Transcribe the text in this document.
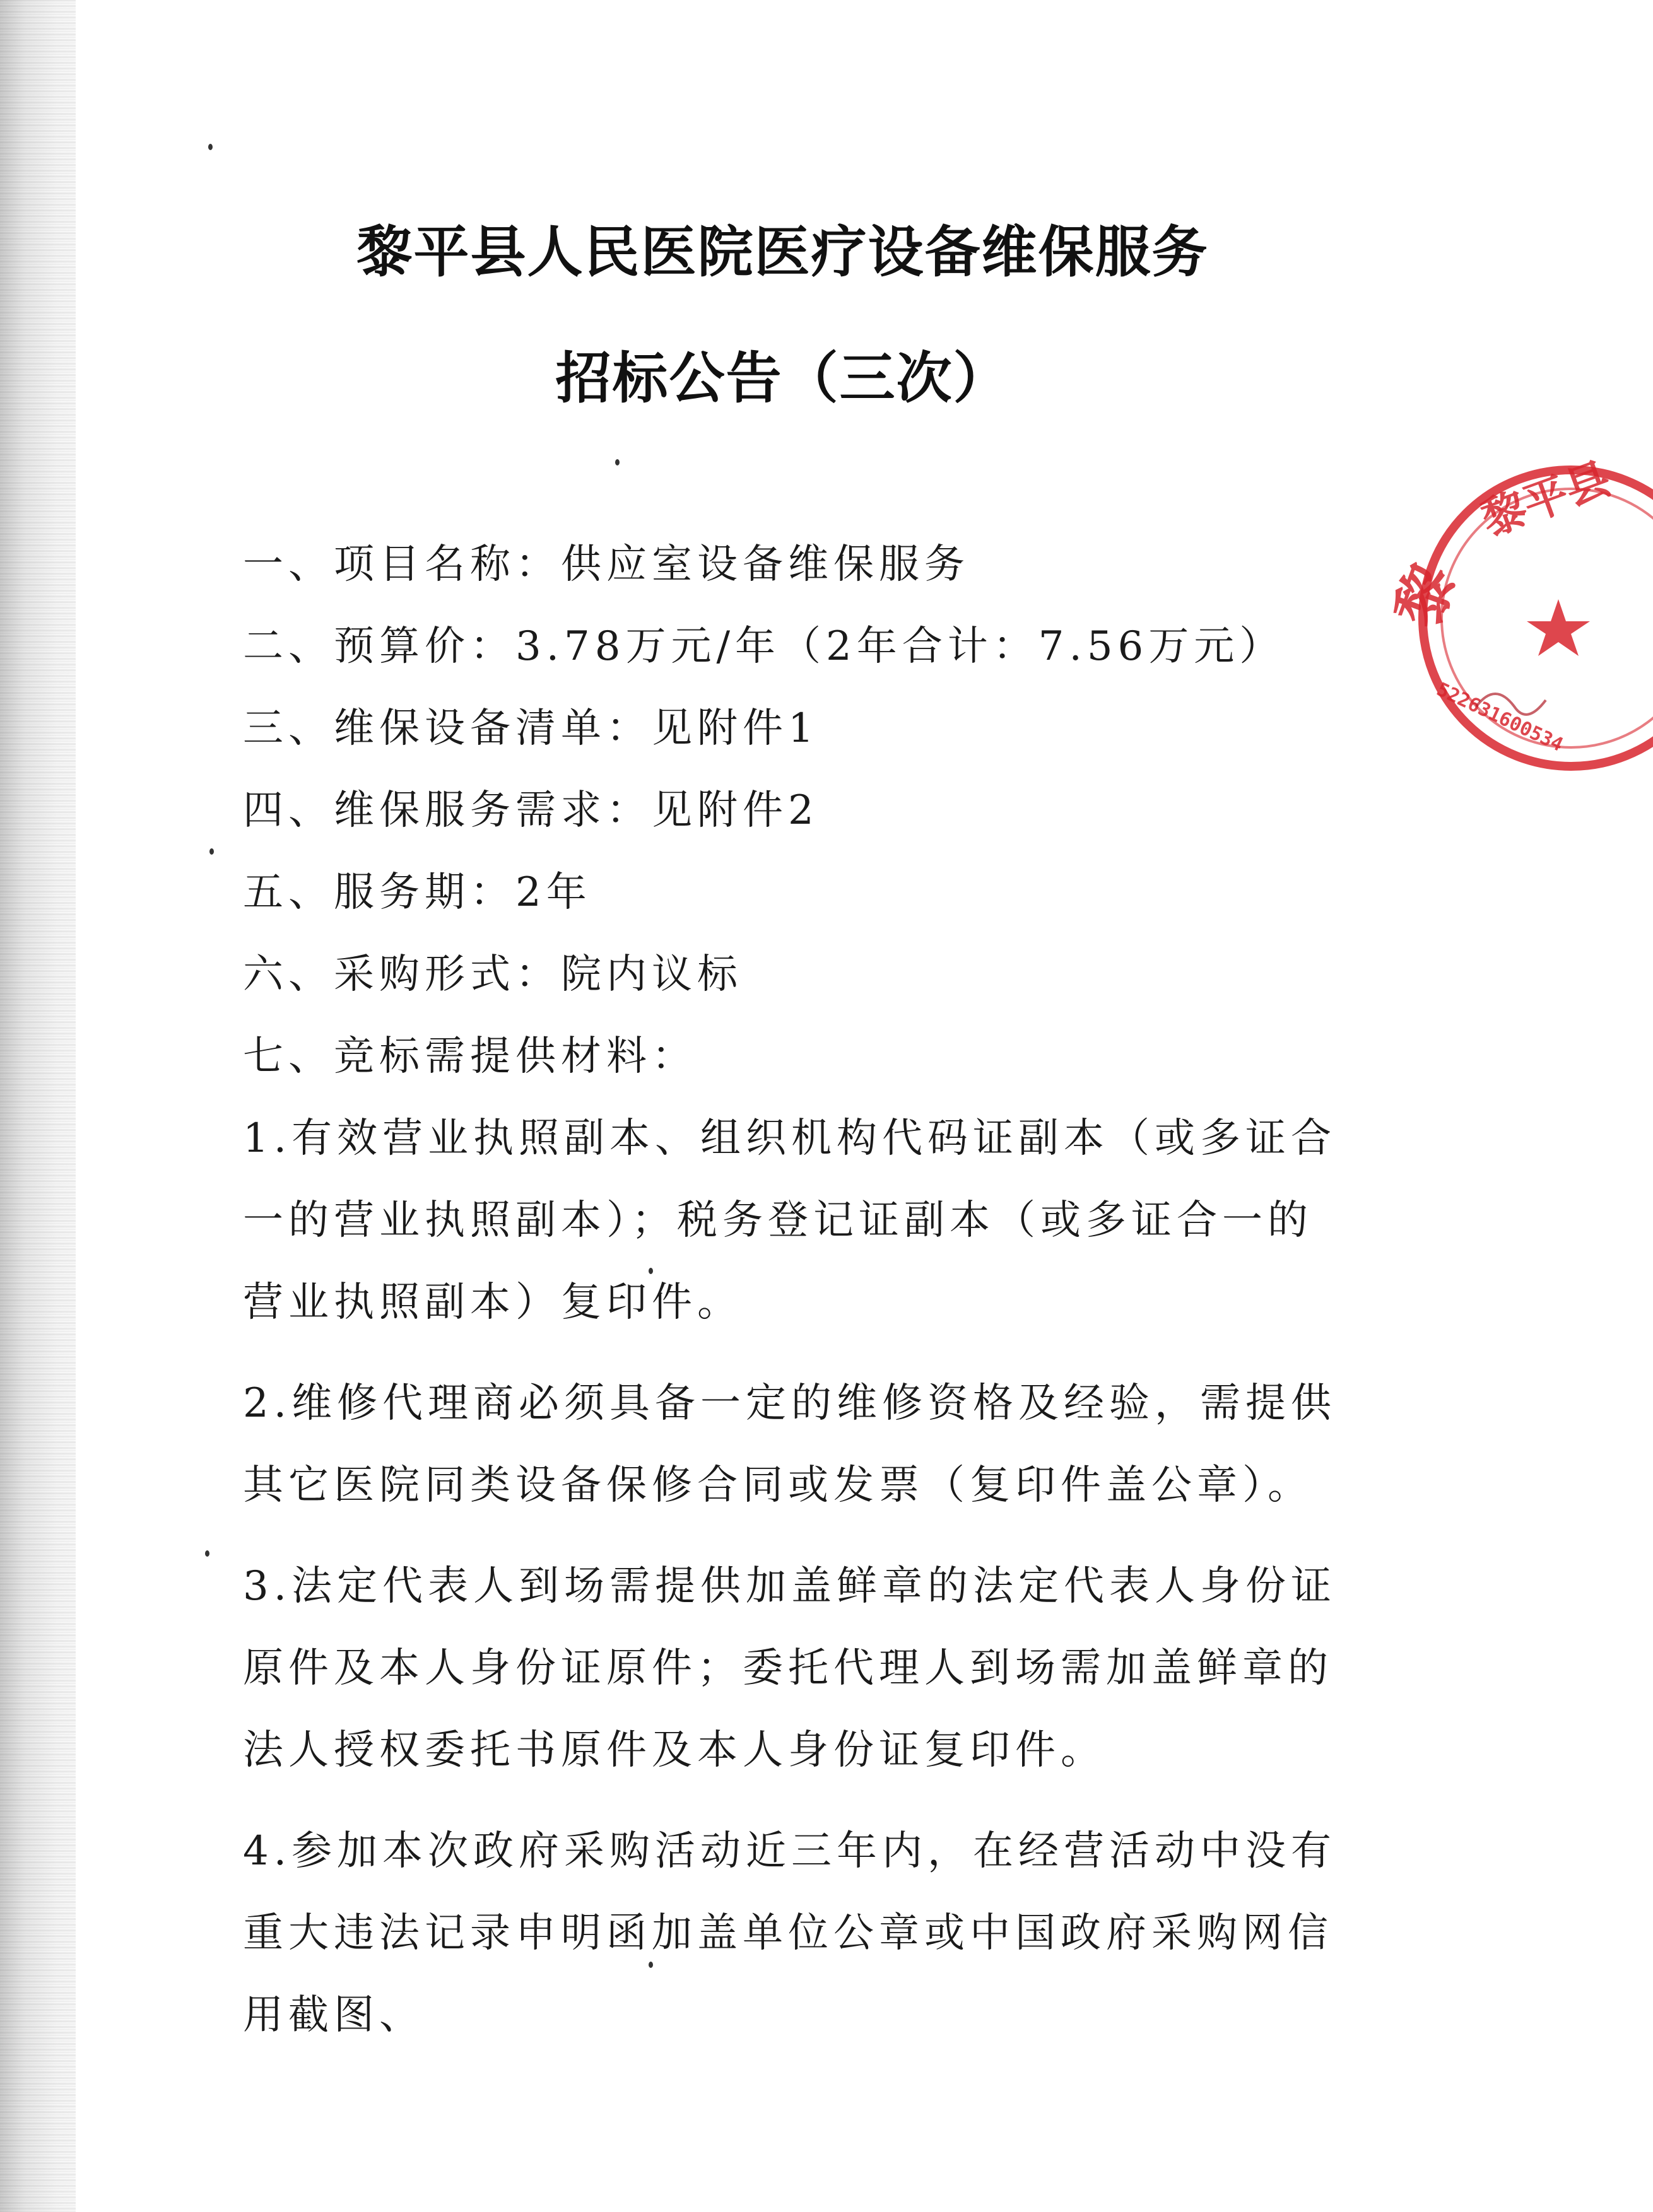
黎平县人民医院医疗设备维保服务
招标公告（三次）

一、项目名称：供应室设备维保服务

二、预算价：3.78万元/年（2年合计：7.56万元）

三、维保设备清单：见附件1

四、维保服务需求：见附件2

五、服务期：2年

六、采购形式：院内议标

七、竞标需提供材料：

1.有效营业执照副本、组织机构代码证副本（或多证合一的营业执照副本）；税务登记证副本（或多证合一的营业执照副本）复印件。

2.维修代理商必须具备一定的维修资格及经验，需提供其它医院同类设备保修合同或发票（复印件盖公章）。

3.法定代表人到场需提供加盖鲜章的法定代表人身份证原件及本人身份证原件；委托代理人到场需加盖鲜章的法人授权委托书原件及本人身份证复印件。

4.参加本次政府采购活动近三年内，在经营活动中没有重大违法记录申明函加盖单位公章或中国政府采购网信用截图、

黎平县
黎
522631600534
